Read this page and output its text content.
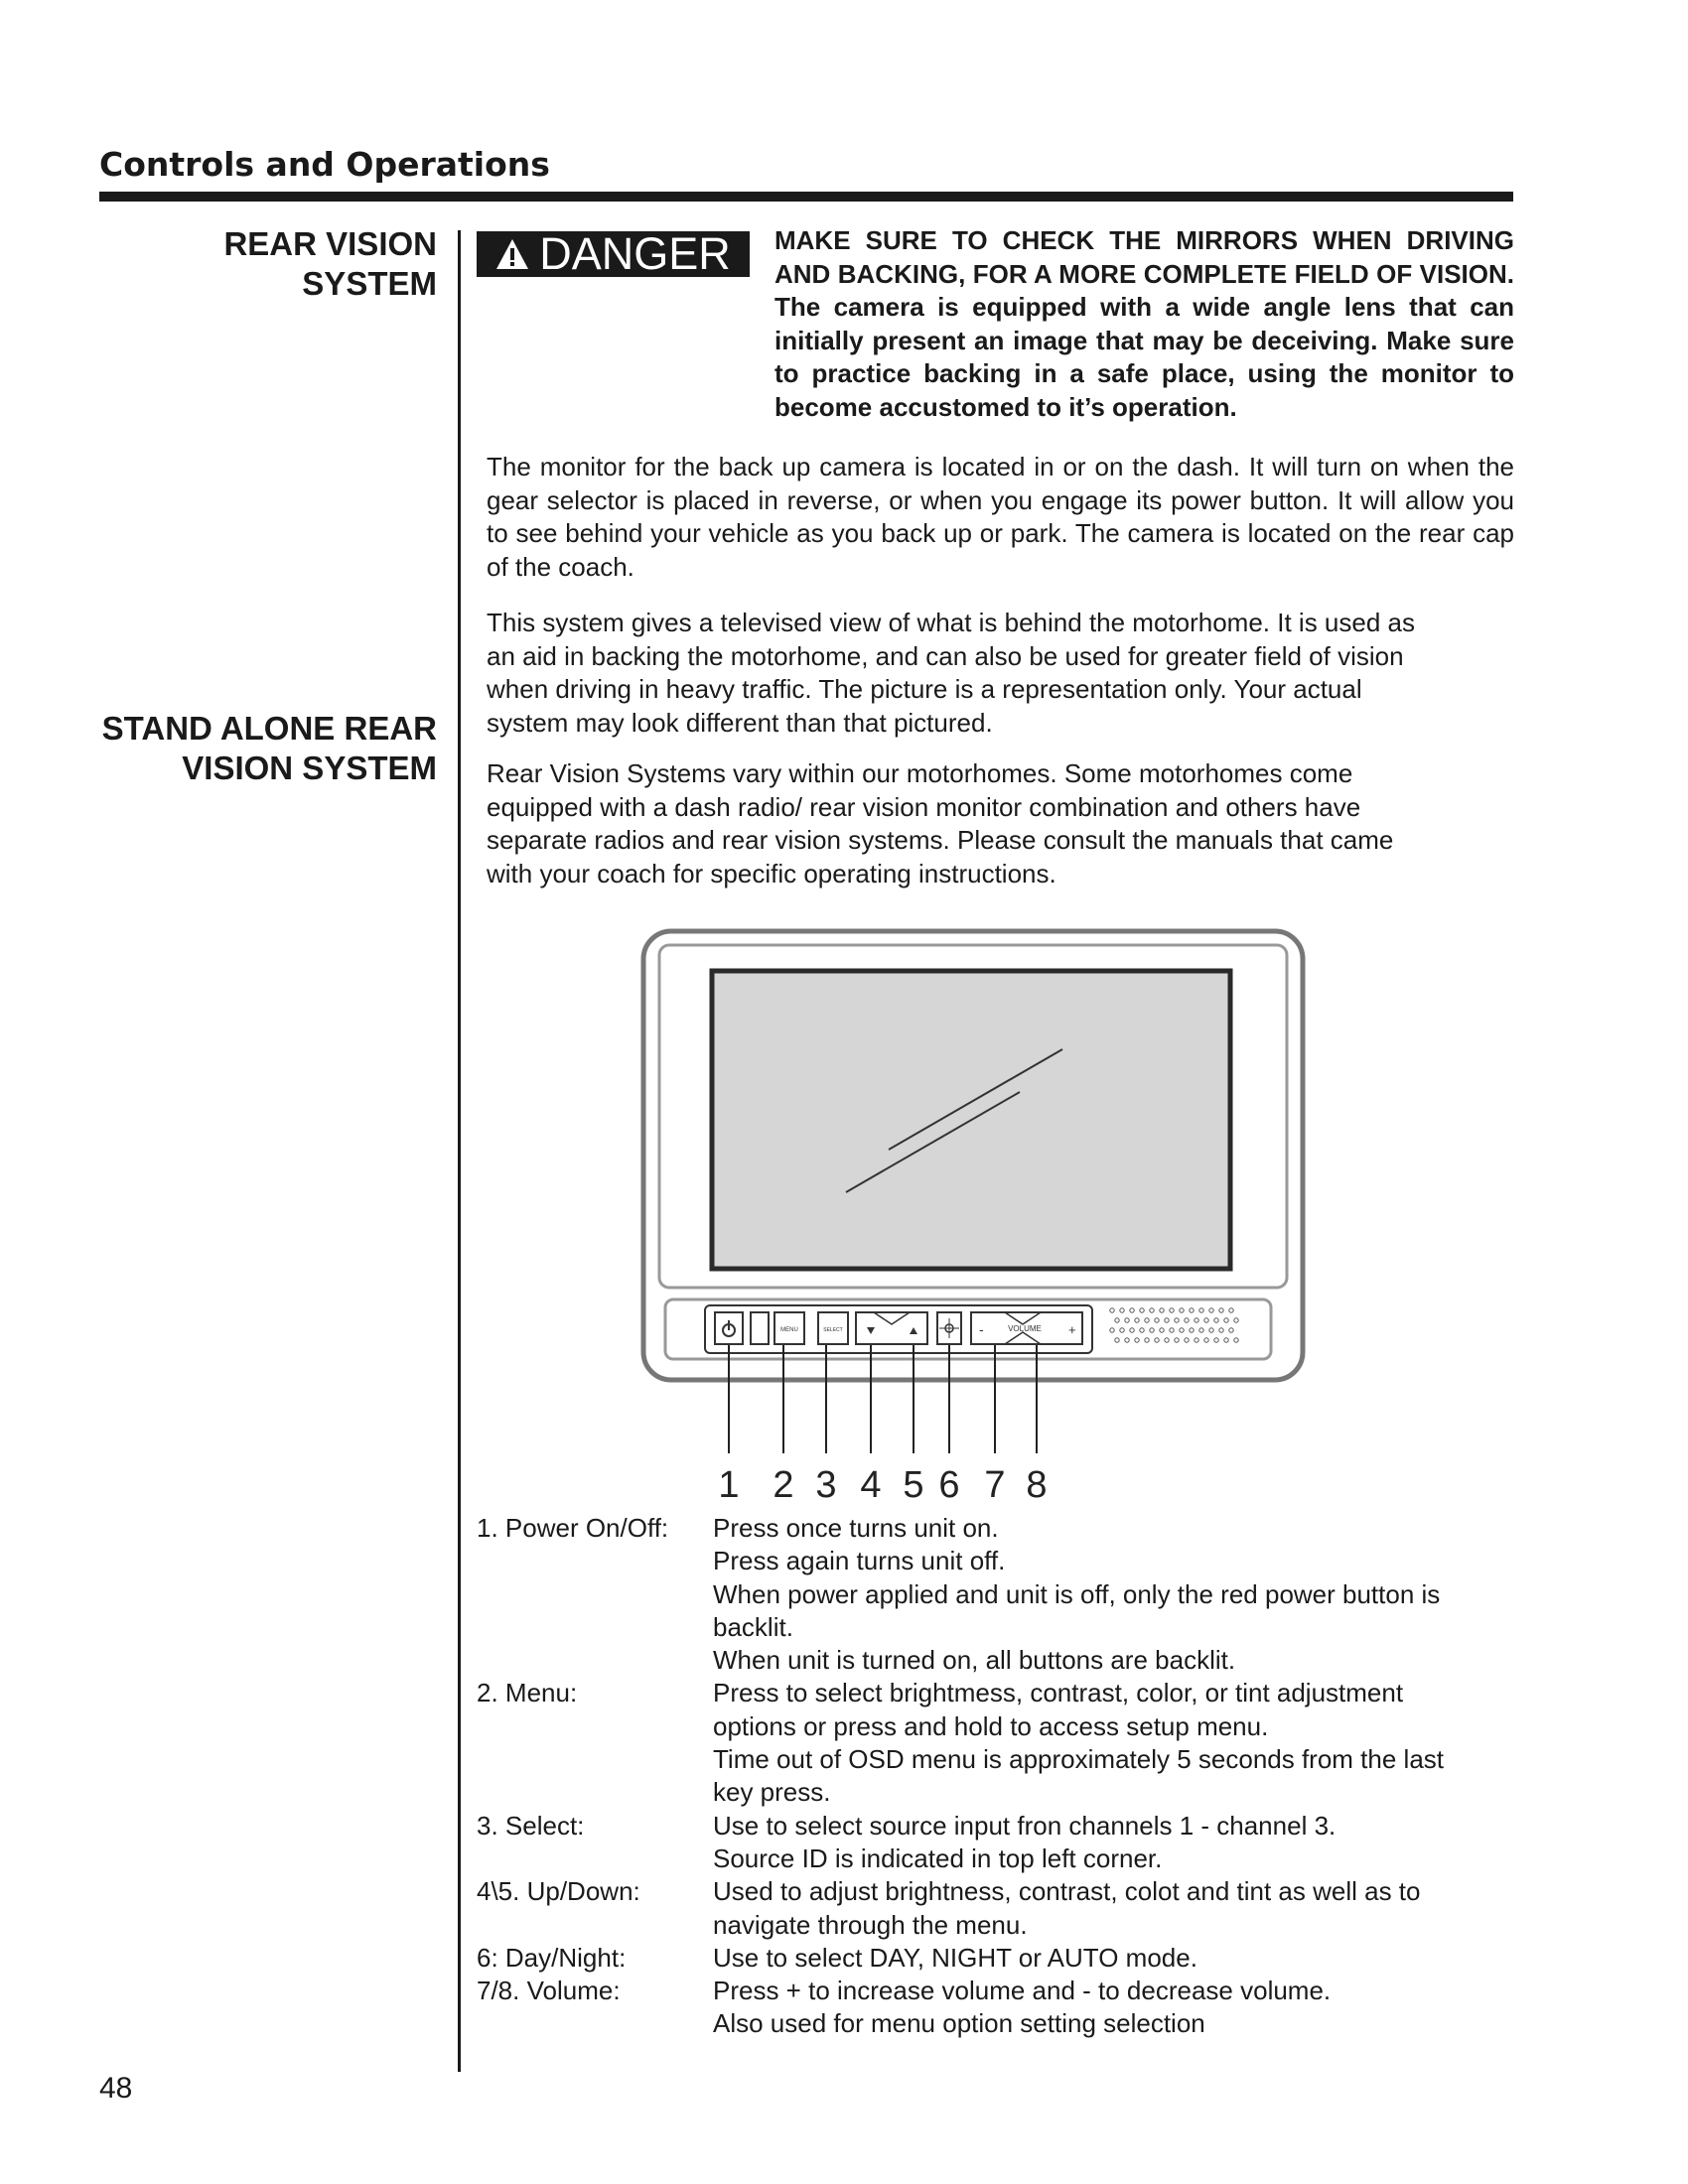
Controls and Operations
REAR VISION
SYSTEM
STAND ALONE REAR
VISION SYSTEM
DANGER MAKE SURE TO CHECK THE MIRRORS WHEN DRIVING AND BACKING, FOR A MORE COMPLETE FIELD OF VISION. The camera is equipped with a wide angle lens that can initially present an image that may be deceiving. Make sure to practice backing in a safe place, using the monitor to become accustomed to it’s operation.
The monitor for the back up camera is located in or on the dash. It will turn on when the gear selector is placed in reverse, or when you engage its power button. It will allow you to see behind your vehicle as you back up or park. The camera is located on the rear cap of the coach.
This system gives a televised view of what is behind the motorhome. It is used as
an aid in backing the motorhome, and can also be used for greater field of vision
when driving in heavy traffic. The picture is a representation only. Your actual
system may look different than that pictured.
Rear Vision Systems vary within our motorhomes. Some motorhomes come
equipped with a dash radio/ rear vision monitor combination and others have
separate radios and rear vision systems. Please consult the manuals that came
with your coach for specific operating instructions.
MENU	SELECT	-	VOLUME +
1 2 3 4 5 6 7 8
1. Power On/Off:	Press once turns unit on.
Press again turns unit off.
When power applied and unit is off, only the red power button is
backlit.
When unit is turned on, all buttons are backlit.
2. Menu:	Press to select brightmess, contrast, color, or tint adjustment
options or press and hold to access setup menu.
Time out of OSD menu is approximately 5 seconds from the last
key press.
3. Select:	Use to select source input fron channels 1 - channel 3.
Source ID is indicated in top left corner.
4\5. Up/Down:	Used to adjust brightness, contrast, colot and tint as well as to
navigate through the menu.
6: Day/Night:	Use to select DAY, NIGHT or AUTO mode.
7/8. Volume:	Press + to increase volume and - to decrease volume.
Also used for menu option setting selection
48
